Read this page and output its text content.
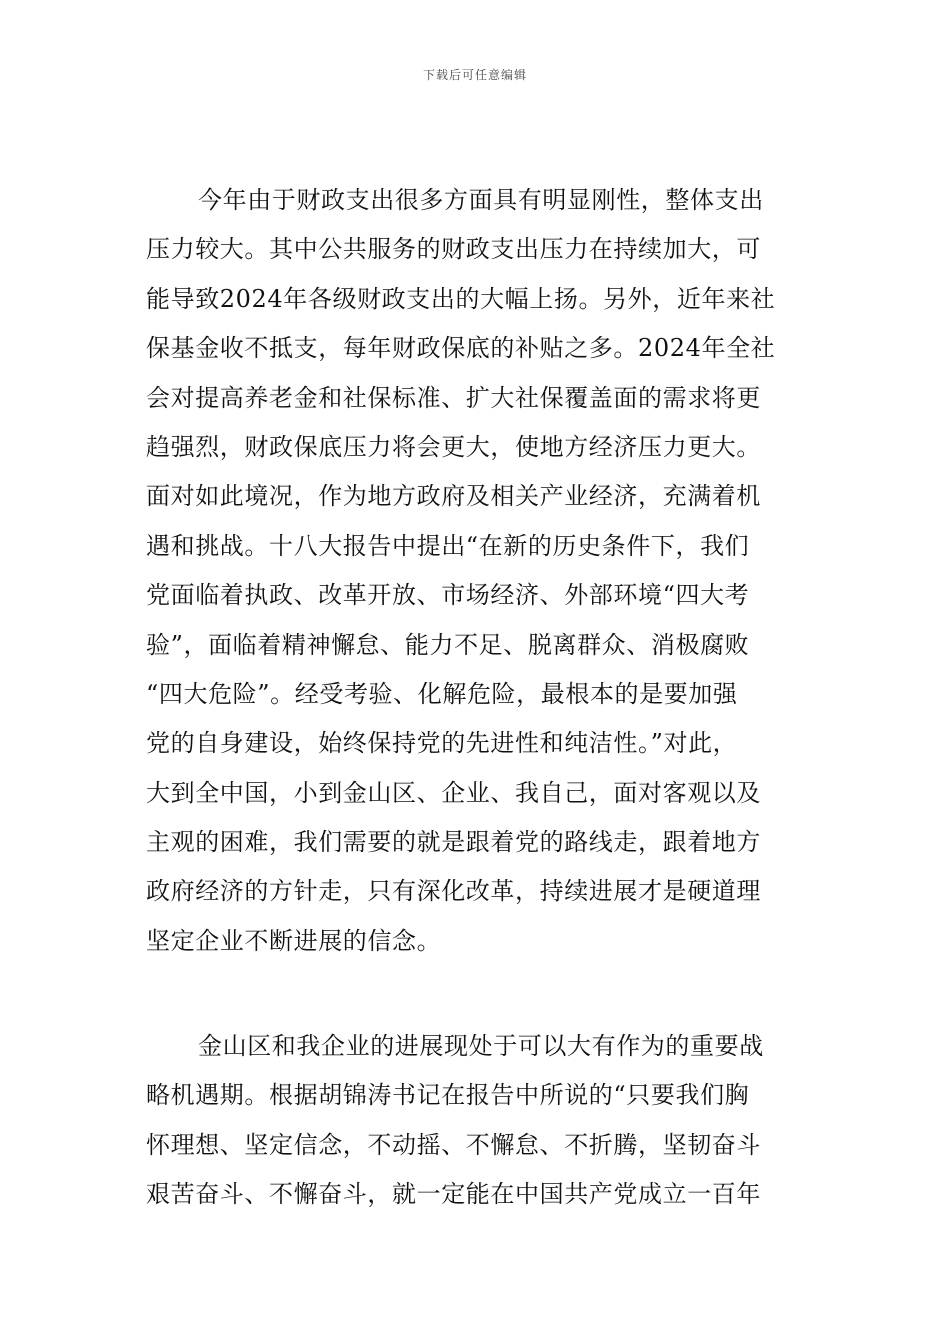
下载后可任意编辑
今年由于财政支出很多方面具有明显刚性，整体支出
压力较大。其中公共服务的财政支出压力在持续加大，可
能导致2024年各级财政支出的大幅上扬。另外，近年来社
保基金收不抵支，每年财政保底的补贴之多。2024年全社
会对提高养老金和社保标准、扩大社保覆盖面的需求将更
趋强烈，财政保底压力将会更大，使地方经济压力更大。
面对如此境况，作为地方政府及相关产业经济，充满着机
遇和挑战。十八大报告中提出“在新的历史条件下，我们
党面临着执政、改革开放、市场经济、外部环境“四大考
验”，面临着精神懈怠、能力不足、脱离群众、消极腐败
“四大危险”。经受考验、化解危险，最根本的是要加强
党的自身建设，始终保持党的先进性和纯洁性。”对此，
大到全中国，小到金山区、企业、我自己，面对客观以及
主观的困难，我们需要的就是跟着党的路线走，跟着地方
政府经济的方针走，只有深化改革，持续进展才是硬道理
坚定企业不断进展的信念。
金山区和我企业的进展现处于可以大有作为的重要战
略机遇期。根据胡锦涛书记在报告中所说的“只要我们胸
怀理想、坚定信念，不动摇、不懈怠、不折腾，坚韧奋斗
艰苦奋斗、不懈奋斗，就一定能在中国共产党成立一百年
